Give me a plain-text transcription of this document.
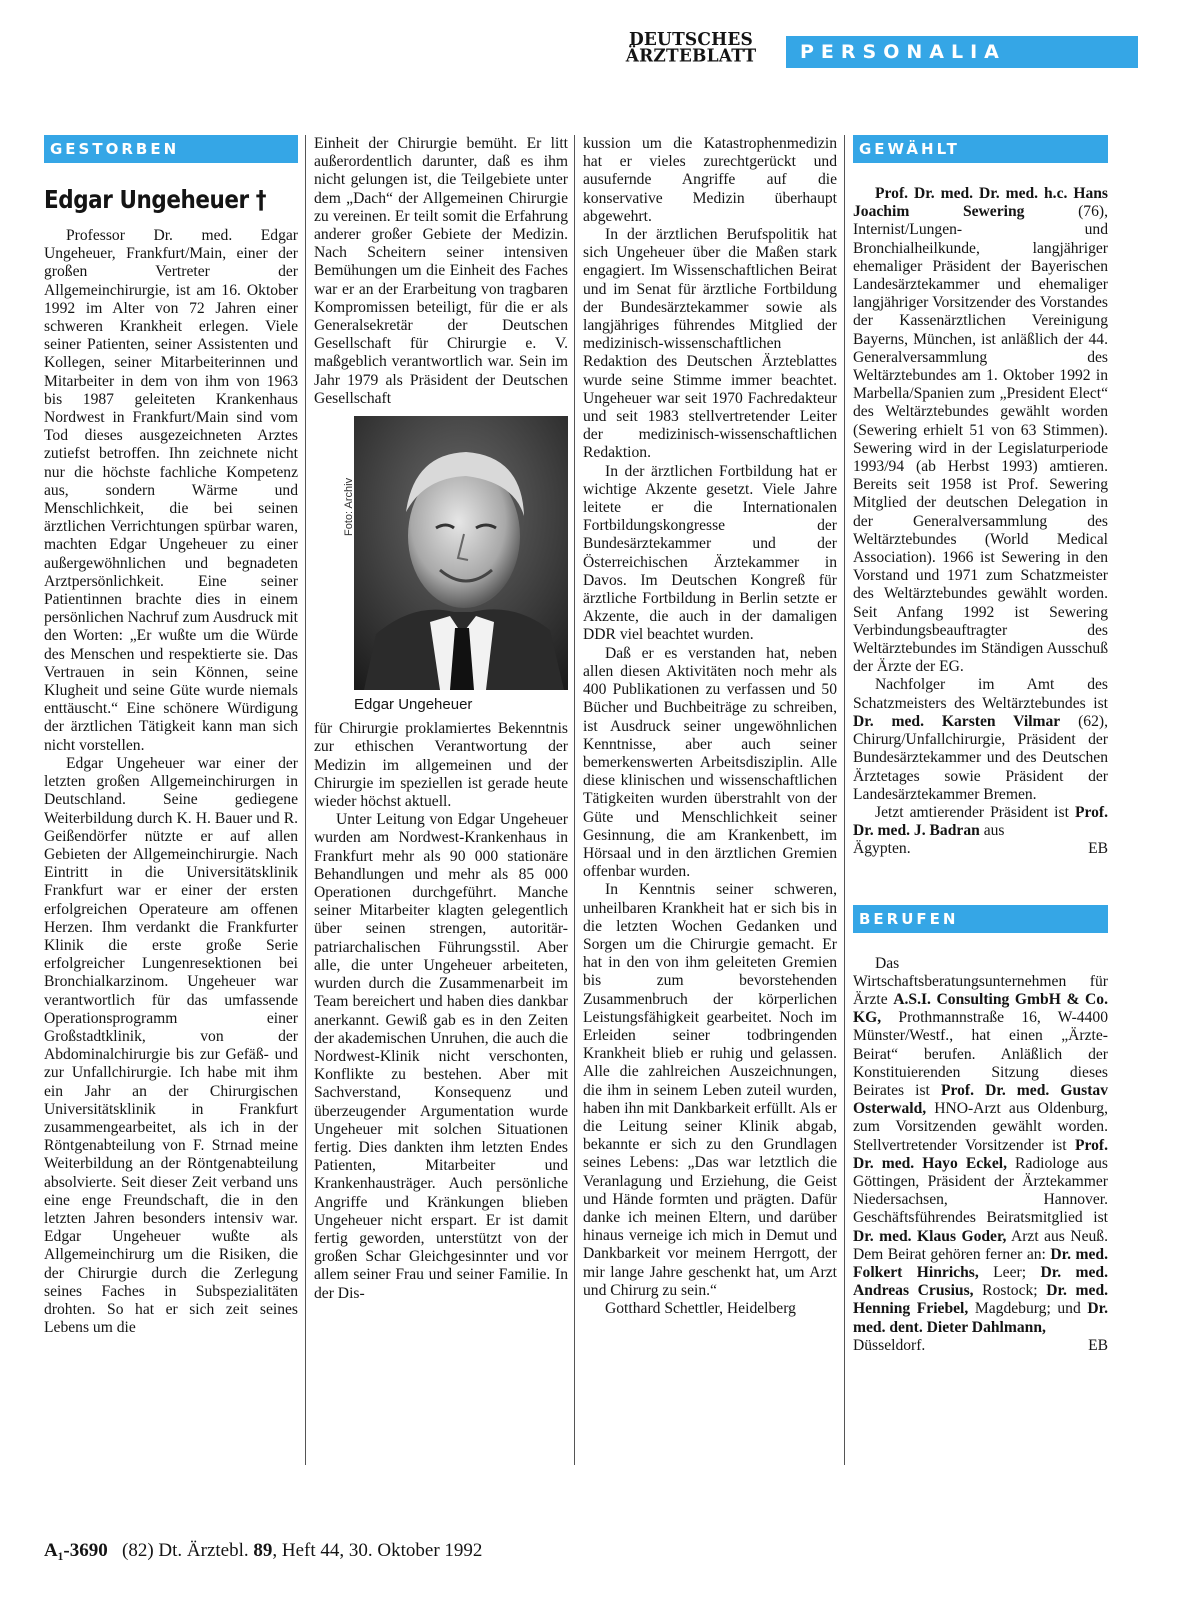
DEUTSCHES
ÄRZTEBLATT	PERSONALIA
GESTORBEN
Edgar Ungeheuer †

Professor Dr. med. Edgar Ungeheuer, Frankfurt/Main, einer der großen Vertreter der Allgemeinchirurgie, ist am 16. Oktober 1992 im Alter von 72 Jahren einer schweren Krankheit erlegen. Viele seiner Patienten, seiner Assistenten und Kollegen, seiner Mitarbeiterinnen und Mitarbeiter in dem von ihm von 1963 bis 1987 geleiteten Krankenhaus Nordwest in Frankfurt/Main sind vom Tod dieses ausgezeichneten Arztes zutiefst betroffen. Ihn zeichnete nicht nur die höchste fachliche Kompetenz aus, sondern Wärme und Menschlichkeit, die bei seinen ärztlichen Verrichtungen spürbar waren, machten Edgar Ungeheuer zu einer außergewöhnlichen und begnadeten Arztpersönlichkeit. Eine seiner Patientinnen brachte dies in einem persönlichen Nachruf zum Ausdruck mit den Worten: „Er wußte um die Würde des Menschen und respektierte sie. Das Vertrauen in sein Können, seine Klugheit und seine Güte wurde niemals enttäuscht.“ Eine schönere Würdigung der ärztlichen Tätigkeit kann man sich nicht vorstellen.

Edgar Ungeheuer war einer der letzten großen Allgemeinchirurgen in Deutschland. Seine gediegene Weiterbildung durch K. H. Bauer und R. Geißendörfer nützte er auf allen Gebieten der Allgemeinchirurgie. Nach Eintritt in die Universitätsklinik Frankfurt war er einer der ersten erfolgreichen Operateure am offenen Herzen. Ihm verdankt die Frankfurter Klinik die erste große Serie erfolgreicher Lungenresektionen bei Bronchialkarzinom. Ungeheuer war verantwortlich für das umfassende Operationsprogramm einer Großstadtklinik, von der Abdominalchirurgie bis zur Gefäß- und zur Unfallchirurgie. Ich habe mit ihm ein Jahr an der Chirurgischen Universitätsklinik in Frankfurt zusammengearbeitet, als ich in der Röntgenabteilung von F. Strnad meine Weiterbildung an der Röntgenabteilung absolvierte. Seit dieser Zeit verband uns eine enge Freundschaft, die in den letzten Jahren besonders intensiv war. Edgar Ungeheuer wußte als Allgemeinchirurg um die Risiken, die der Chirurgie durch die Zerlegung seines Faches in Subspezialitäten drohten. So hat er sich zeit seines Lebens um die

Einheit der Chirurgie bemüht. Er litt außerordentlich darunter, daß es ihm nicht gelungen ist, die Teilgebiete unter dem „Dach“ der Allgemeinen Chirurgie zu vereinen. Er teilt somit die Erfahrung anderer großer Gebiete der Medizin. Nach Scheitern seiner intensiven Bemühungen um die Einheit des Faches war er an der Erarbeitung von tragbaren Kompromissen beteiligt, für die er als Generalsekretär der Deutschen Gesellschaft für Chirurgie e. V. maßgeblich verantwortlich war. Sein im Jahr 1979 als Präsident der Deutschen Gesellschaft

Foto: Archiv
Edgar Ungeheuer

für Chirurgie proklamiertes Bekenntnis zur ethischen Verantwortung der Medizin im allgemeinen und der Chirurgie im speziellen ist gerade heute wieder höchst aktuell.

Unter Leitung von Edgar Ungeheuer wurden am Nordwest-Krankenhaus in Frankfurt mehr als 90 000 stationäre Behandlungen und mehr als 85 000 Operationen durchgeführt. Manche seiner Mitarbeiter klagten gelegentlich über seinen strengen, autoritär-patriarchalischen Führungsstil. Aber alle, die unter Ungeheuer arbeiteten, wurden durch die Zusammenarbeit im Team bereichert und haben dies dankbar anerkannt. Gewiß gab es in den Zeiten der akademischen Unruhen, die auch die Nordwest-Klinik nicht verschonten, Konflikte zu bestehen. Aber mit Sachverstand, Konsequenz und überzeugender Argumentation wurde Ungeheuer mit solchen Situationen fertig. Dies dankten ihm letzten Endes Patienten, Mitarbeiter und Krankenhausträger. Auch persönliche Angriffe und Kränkungen blieben Ungeheuer nicht erspart. Er ist damit fertig geworden, unterstützt von der großen Schar Gleichgesinnter und vor allem seiner Frau und seiner Familie. In der Dis-

kussion um die Katastrophenmedizin hat er vieles zurechtgerückt und ausufernde Angriffe auf die konservative Medizin überhaupt abgewehrt.

In der ärztlichen Berufspolitik hat sich Ungeheuer über die Maßen stark engagiert. Im Wissenschaftlichen Beirat und im Senat für ärztliche Fortbildung der Bundesärztekammer sowie als langjähriges führendes Mitglied der medizinisch-wissenschaftlichen Redaktion des Deutschen Ärzteblattes wurde seine Stimme immer beachtet. Ungeheuer war seit 1970 Fachredakteur und seit 1983 stellvertretender Leiter der medizinisch-wissenschaftlichen Redaktion.

In der ärztlichen Fortbildung hat er wichtige Akzente gesetzt. Viele Jahre leitete er die Internationalen Fortbildungskongresse der Bundesärztekammer und der Österreichischen Ärztekammer in Davos. Im Deutschen Kongreß für ärztliche Fortbildung in Berlin setzte er Akzente, die auch in der damaligen DDR viel beachtet wurden.

Daß er es verstanden hat, neben allen diesen Aktivitäten noch mehr als 400 Publikationen zu verfassen und 50 Bücher und Buchbeiträge zu schreiben, ist Ausdruck seiner ungewöhnlichen Kenntnisse, aber auch seiner bemerkenswerten Arbeitsdisziplin. Alle diese klinischen und wissenschaftlichen Tätigkeiten wurden überstrahlt von der Güte und Menschlichkeit seiner Gesinnung, die am Krankenbett, im Hörsaal und in den ärztlichen Gremien offenbar wurden.

In Kenntnis seiner schweren, unheilbaren Krankheit hat er sich bis in die letzten Wochen Gedanken und Sorgen um die Chirurgie gemacht. Er hat in den von ihm geleiteten Gremien bis zum bevorstehenden Zusammenbruch der körperlichen Leistungsfähigkeit gearbeitet. Noch im Erleiden seiner todbringenden Krankheit blieb er ruhig und gelassen. Alle die zahlreichen Auszeichnungen, die ihm in seinem Leben zuteil wurden, haben ihn mit Dankbarkeit erfüllt. Als er die Leitung seiner Klinik abgab, bekannte er sich zu den Grundlagen seines Lebens: „Das war letztlich die Veranlagung und Erziehung, die Geist und Hände formten und prägten. Dafür danke ich meinen Eltern, und darüber hinaus verneige ich mich in Demut und Dankbarkeit vor meinem Herrgott, der mir lange Jahre geschenkt hat, um Arzt und Chirurg zu sein.“

Gotthard Schettler, Heidelberg

GEWÄHLT

Prof. Dr. med. Dr. med. h.c. Hans Joachim Sewering (76), Internist/Lungen- und Bronchialheilkunde, langjähriger ehemaliger Präsident der Bayerischen Landesärztekammer und ehemaliger langjähriger Vorsitzender des Vorstandes der Kassenärztlichen Vereinigung Bayerns, München, ist anläßlich der 44. Generalversammlung des Weltärztebundes am 1. Oktober 1992 in Marbella/Spanien zum „President Elect“ des Weltärztebundes gewählt worden (Sewering erhielt 51 von 63 Stimmen). Sewering wird in der Legislaturperiode 1993/94 (ab Herbst 1993) amtieren. Bereits seit 1958 ist Prof. Sewering Mitglied der deutschen Delegation in der Generalversammlung des Weltärztebundes (World Medical Association). 1966 ist Sewering in den Vorstand und 1971 zum Schatzmeister des Weltärztebundes gewählt worden. Seit Anfang 1992 ist Sewering Verbindungsbeauftragter des Weltärztebundes im Ständigen Ausschuß der Ärzte der EG.

Nachfolger im Amt des Schatzmeisters des Weltärztebundes ist Dr. med. Karsten Vilmar (62), Chirurg/Unfallchirurgie, Präsident der Bundesärztekammer und des Deutschen Ärztetages sowie Präsident der Landesärztekammer Bremen.

Jetzt amtierender Präsident ist Prof. Dr. med. J. Badran aus

Ägypten.	EB
BERUFEN

Das Wirtschaftsberatungsunternehmen für Ärzte A.S.I. Consulting GmbH & Co. KG, Prothmannstraße 16, W-4400 Münster/Westf., hat einen „Ärzte-Beirat“ berufen. Anläßlich der Konstituierenden Sitzung dieses Beirates ist Prof. Dr. med. Gustav Osterwald, HNO-Arzt aus Oldenburg, zum Vorsitzenden gewählt worden. Stellvertretender Vorsitzender ist Prof. Dr. med. Hayo Eckel, Radiologe aus Göttingen, Präsident der Ärztekammer Niedersachsen, Hannover. Geschäftsführendes Beiratsmitglied ist Dr. med. Klaus Goder, Arzt aus Neuß. Dem Beirat gehören ferner an: Dr. med. Folkert Hinrichs, Leer; Dr. med. Andreas Crusius, Rostock; Dr. med. Henning Friebel, Magdeburg; und Dr. med. dent. Dieter Dahlmann,

Düsseldorf.	EB
A₁-3690 (82) Dt. Ärztebl. 89, Heft 44, 30. Oktober 1992
